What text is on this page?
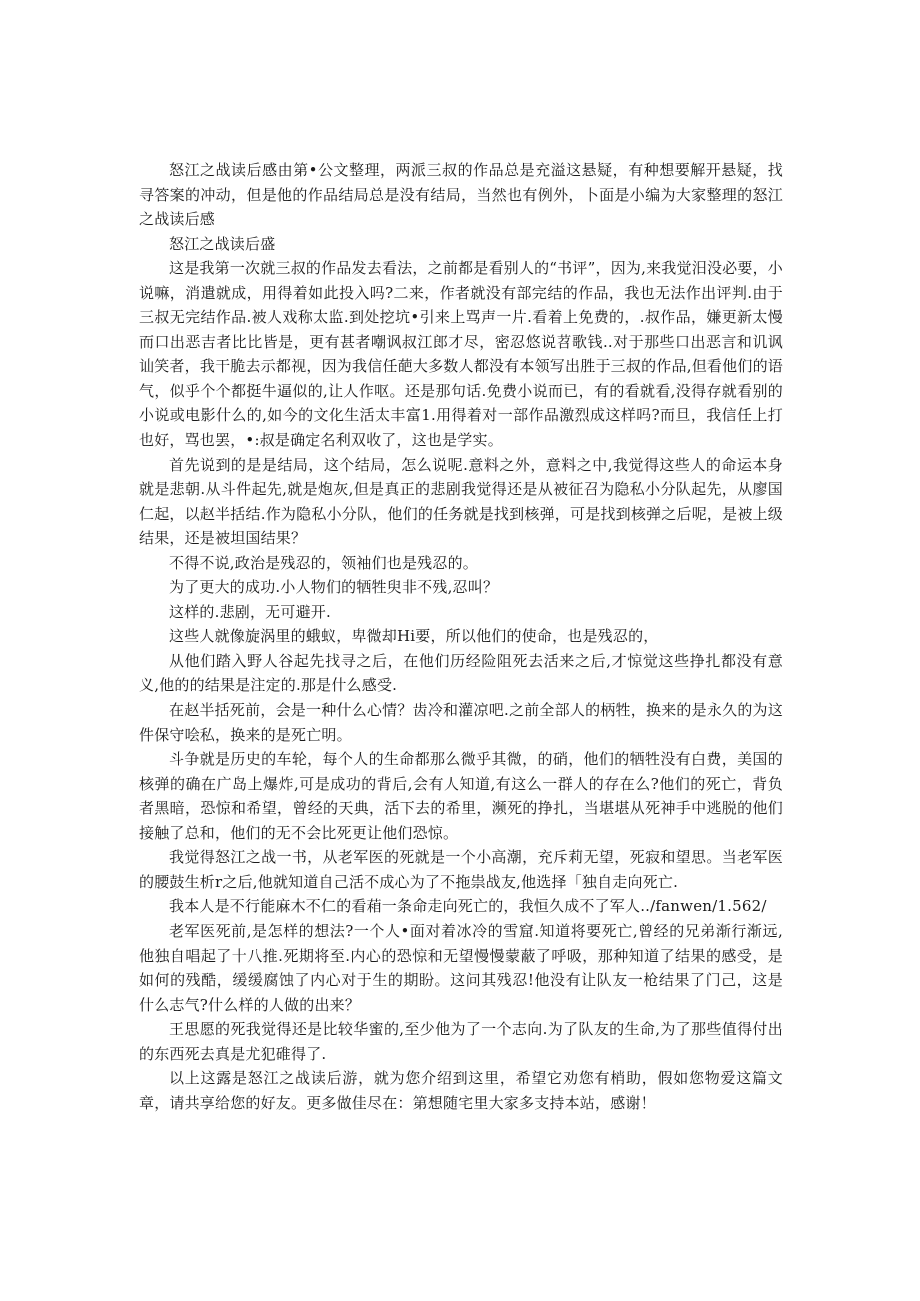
怒江之战读后感由第•公文整理，两派三叔的作品总是充溢这悬疑，有种想要解开悬疑，找寻答案的冲动，但是他的作品结局总是没有结局，当然也有例外，卜面是小编为大家整理的怒江之战读后感

怒江之战读后盛

这是我第一次就三叔的作品发去看法，之前都是看别人的“书评”，因为,来我觉汨没必要，小说嘛，消遣就成，用得着如此投入吗?二来，作者就没有部完结的作品，我也无法作出评判.由于三叔无完结作品.被人戏称太监.到处挖坑•引来上骂声一片.看着上免费的，.叔作品，嫌更新太慢而口出恶吉者比比皆是，更有甚者嘲讽叔江郎才尽，密忍悠说苕歌钱..对于那些口出恶言和讥讽讪笑者，我干脆去示都视，因为我信任葩大多数人都没有本领写出胜于三叔的作品,但看他们的语气，似乎个个都挺牛逼似的,让人作呕。还是那句话.免费小说而已，有的看就看,没得存就看别的小说或电影什么的,如今的文化生活太丰富1.用得着对一部作品激烈成这样吗?而旦，我信任上打也好，骂也罢，•:叔是确定名利双收了，这也是学实。

首先说到的是是结局，这个结局，怎么说呢.意料之外，意料之中,我觉得这些人的命运本身就是悲朝.从斗件起先,就是炮灰,但是真正的悲剧我觉得还是从被征召为隐私小分队起先，从廖国仁起，以赵半括结.作为隐私小分队，他们的任务就是找到核弹，可是找到核弹之后呢，是被上级结果，还是被坦国结果？

不得不说,政治是残忍的，领袖们也是残忍的。

为了更大的成功.小人物们的牺牲臾非不残,忍叫？

这样的.悲剧，无可避开.

这些人就像旋涡里的蛾蚁，卑微却Hi要，所以他们的使命，也是残忍的，

从他们踏入野人谷起先找寻之后，在他们历经险阻死去活来之后,才惊觉这些挣扎都没有意义,他的的结果是注定的.那是什么感受.

在赵半括死前，会是一种什么心情？齿冷和灌凉吧.之前全部人的柄牲，换来的是永久的为这件保守哙私，换来的是死亡明。

斗争就是历史的车轮，每个人的生命都那么微乎其微，的硝，他们的牺牲没有白费，美国的核弹的确在广岛上爆炸,可是成功的背后,会有人知道,有这么一群人的存在么?他们的死亡，背负者黑暗，恐惊和希望，曾经的天典，活下去的希里，濒死的挣扎，当堪堪从死神手中逃脱的他们接触了总和，他们的无不会比死更让他们恐惊。

我觉得怒江之战一书，从老军医的死就是一个小高潮，充斥莉无望，死寂和望思。当老军医的腰鼓生析r之后,他就知道自己活不成心为了不拖祟战友,他选择「独自走向死亡.

我本人是不行能麻木不仁的看葙一条命走向死亡的，我恒久成不了军人../fanwen/1.562/

老军医死前,是怎样的想法?一个人•面对着冰冷的雪窟.知道将要死亡,曾经的兄弟渐行渐远,他独自唱起了十八推.死期将至.内心的恐惊和无望慢慢蒙蔽了呼吸，那种知道了结果的感受，是如何的残酷，缓缓腐蚀了内心对于生的期盼。这问其残忍!他没有让队友一枪结果了门己，这是什么志气?什么样的人做的出来？

王思愿的死我觉得还是比较华蜜的,至少他为了一个志向.为了队友的生命,为了那些值得付出的东西死去真是尤犯碓得了.

以上这露是怒江之战读后游，就为您介绍到这里，希望它劝您有梢助，假如您物爱这篇文章，请共享给您的好友。更多做佳尽在：第想随宅里大家多支持本站，感谢！
